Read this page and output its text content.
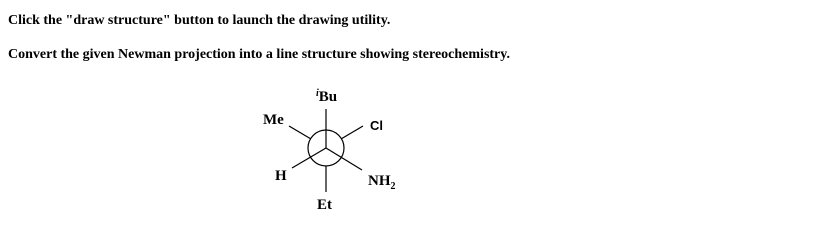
Click the "draw structure" button to launch the drawing utility.
Convert the given Newman projection into a line structure showing stereochemistry.
$^i$Bu
Me	Cl
H	$NH_2$
Et
